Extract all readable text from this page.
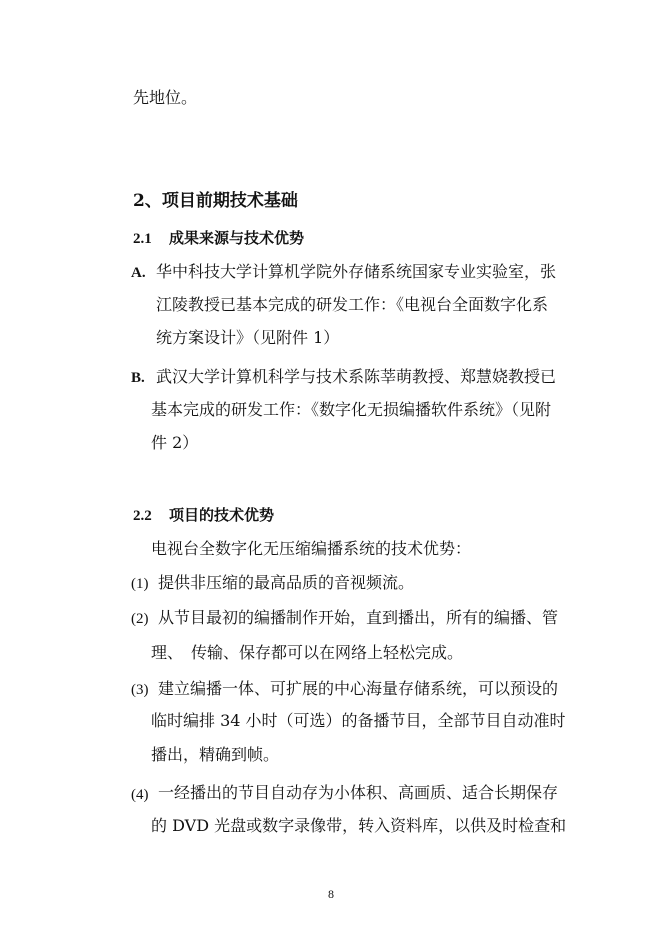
先地位。
2、项目前期技术基础
2.1 成果来源与技术优势
A. 华中科技大学计算机学院外存储系统国家专业实验室，张
江陵教授已基本完成的研发工作：《电视台全面数字化系
统方案设计》（见附件 1）
B. 武汉大学计算机科学与技术系陈莘萌教授、郑慧娆教授已
基本完成的研发工作：《数字化无损编播软件系统》（见附
件 2）
2.2 项目的技术优势
电视台全数字化无压缩编播系统的技术优势：
(1) 提供非压缩的最高品质的音视频流。
(2) 从节目最初的编播制作开始，直到播出，所有的编播、管
理、　传输、保存都可以在网络上轻松完成。
(3) 建立编播一体、可扩展的中心海量存储系统，可以预设的
临时编排 34 小时（可选）的备播节目，全部节目自动准时
播出，精确到帧。
(4) 一经播出的节目自动存为小体积、高画质、适合长期保存
的 DVD 光盘或数字录像带，转入资料库，以供及时检查和
8
